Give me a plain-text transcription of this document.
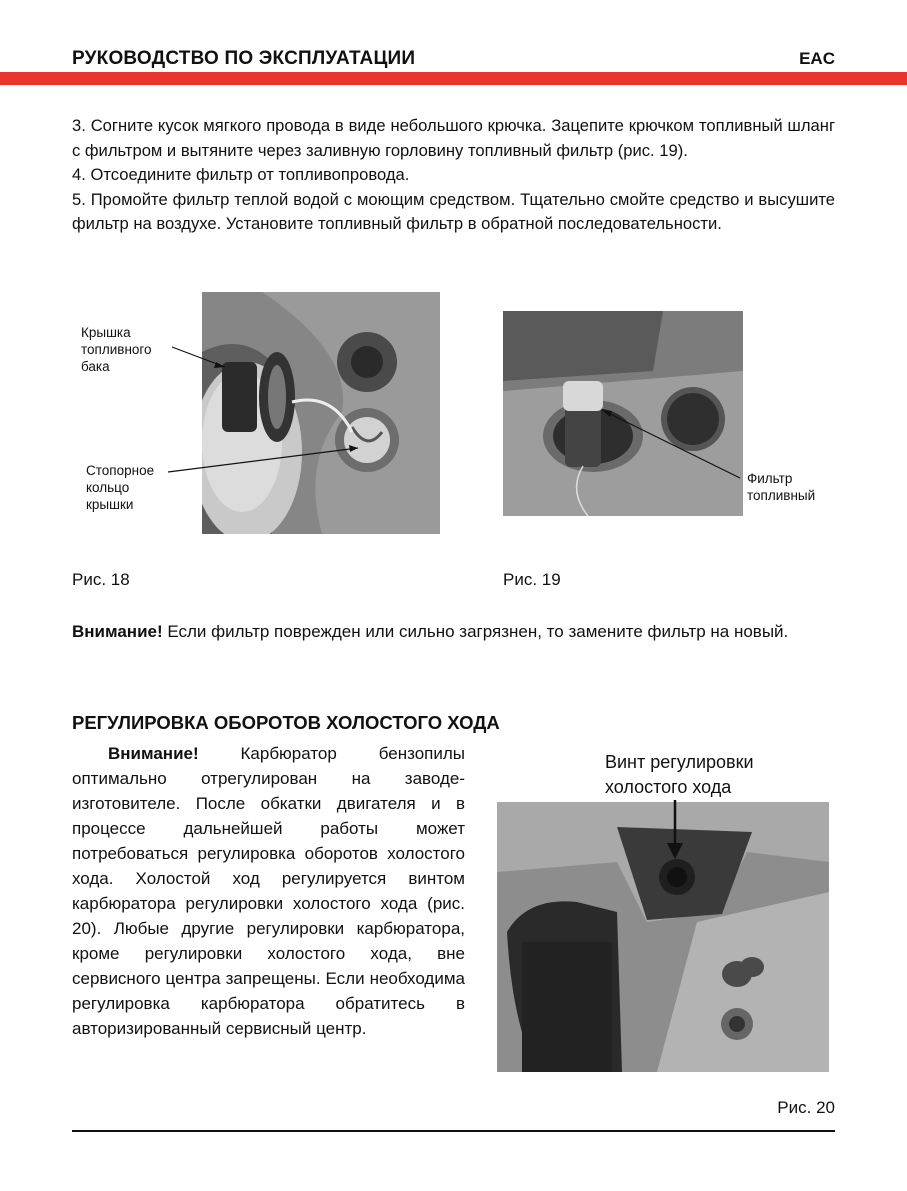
РУКОВОДСТВО ПО ЭКСПЛУАТАЦИИ	EAC

3. Согните кусок мягкого провода в виде небольшого крючка. Зацепите крючком топливный шланг с фильтром и вытяните через заливную горловину топливный фильтр (рис. 19).

4. Отсоедините фильтр от топливопровода.

5. Промойте фильтр теплой водой с моющим средством. Тщательно смойте средство и высушите фильтр на воздухе. Установите топливный фильтр в обратной последовательности.

Крышка
топливного
бака
Стопорное
кольцо
крышки
Рис. 18
Фильтр
топливный
Рис. 19
Внимание! Если фильтр поврежден или сильно загрязнен, то замените фильтр на новый.
РЕГУЛИРОВКА ОБОРОТОВ ХОЛОСТОГО ХОДА
Внимание! Карбюратор бензопилы оптимально отрегулирован на заводе-изготовителе. После обкатки двигателя и в процессе дальнейшей работы может потребоваться регулировка оборотов холостого хода. Холостой ход регулируется винтом карбюратора регулировки холостого хода (рис. 20). Любые другие регулировки карбюратора, кроме регулировки холостого хода, вне сервисного центра запрещены. Если необходима регулировка карбюратора обратитесь в авторизированный сервисный центр.
Винт регулировки
холостого хода
Рис. 20
